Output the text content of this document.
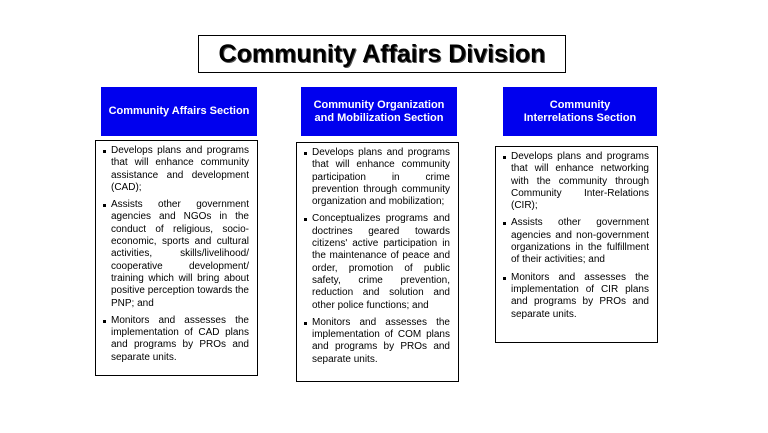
Community Affairs Division
Community Affairs Section
Develops plans and programs that will enhance community assistance and development (CAD);
Assists other government agencies and NGOs in the conduct of religious, socio-economic, sports and cultural activities, skills/livelihood/ cooperative development/ training which will bring about positive perception towards the PNP; and
Monitors and assesses the implementation of CAD plans and programs by PROs and separate units.
Community Organization and Mobilization Section
Develops plans and programs that will enhance community participation in crime prevention through community organization and mobilization;
Conceptualizes programs and doctrines geared towards citizens' active participation in the maintenance of peace and order, promotion of public safety, crime prevention, reduction and solution and other police functions; and
Monitors and assesses the implementation of COM plans and programs by PROs and separate units.
Community Interrelations Section
Develops plans and programs that will enhance networking with the community through Community Inter-Relations (CIR);
Assists other government agencies and non-government organizations in the fulfillment of their activities; and
Monitors and assesses the implementation of CIR plans and programs by PROs and separate units.
